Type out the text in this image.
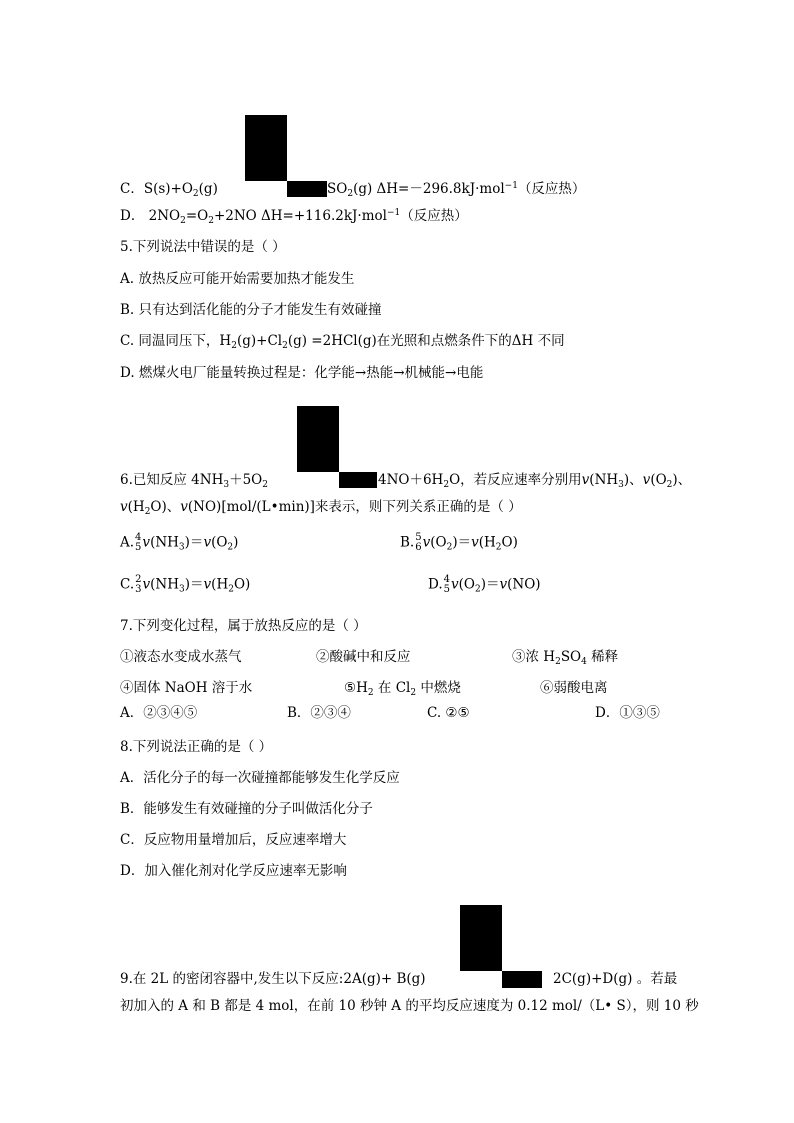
C．$S(s)+O_2(g)$	$SO_2(g)$ ΔH=－296.8kJ·mol$^{-1}$（反应热）
D． $2NO_2=O_2+2NO$ ΔH=+116.2kJ·mol$^{-1}$（反应热）
5.下列说法中错误的是（ ）
A. 放热反应可能开始需要加热才能发生
B. 只有达到活化能的分子才能发生有效碰撞
C. 同温同压下，$H_2(g)+Cl_2(g) =2HCl(g)$在光照和点燃条件下的ΔH 不同
D. 燃煤火电厂能量转换过程是：化学能→热能→机械能→电能
6.已知反应 $4NH_3+5O_2$	$4NO+6H_2O$，若反应速率分别用$v(NH_3)$、$v(O_2)$、
$v(H_2O)$、v(NO)[mol/(L•min)]来表示，则下列关系正确的是（ ）
A. 4
5 $v(NH_3)=v(O_2)$	B. 5
6 $v(O_2)=v(H_2O)$
C. 2
3 $v(NH_3)=v(H_2O)$	D. 4
5 $v(O_2)=v(NO)$
7.下列变化过程，属于放热反应的是（ ）
①液态水变成水蒸气	②酸碱中和反应	③浓 $H_2SO_4$ 稀释
④固体 NaOH 溶于水	$⑤H_2$ 在 $Cl_2$ 中燃烧	⑥弱酸电离
A．②③④⑤	B．②③④	C. ②⑤	D．①③⑤
8.下列说法正确的是（ ）
A．活化分子的每一次碰撞都能够发生化学反应
B．能够发生有效碰撞的分子叫做活化分子
C．反应物用量增加后，反应速率增大
D．加入催化剂对化学反应速率无影响
9.在 2L 的密闭容器中,发生以下反应:2A(g)+ B(g)	2C(g)+D(g) 。若最
初加入的 A 和 B 都是 4 mol，在前 10 秒钟 A 的平均反应速度为 0.12 mol/（L• S），则 10 秒
